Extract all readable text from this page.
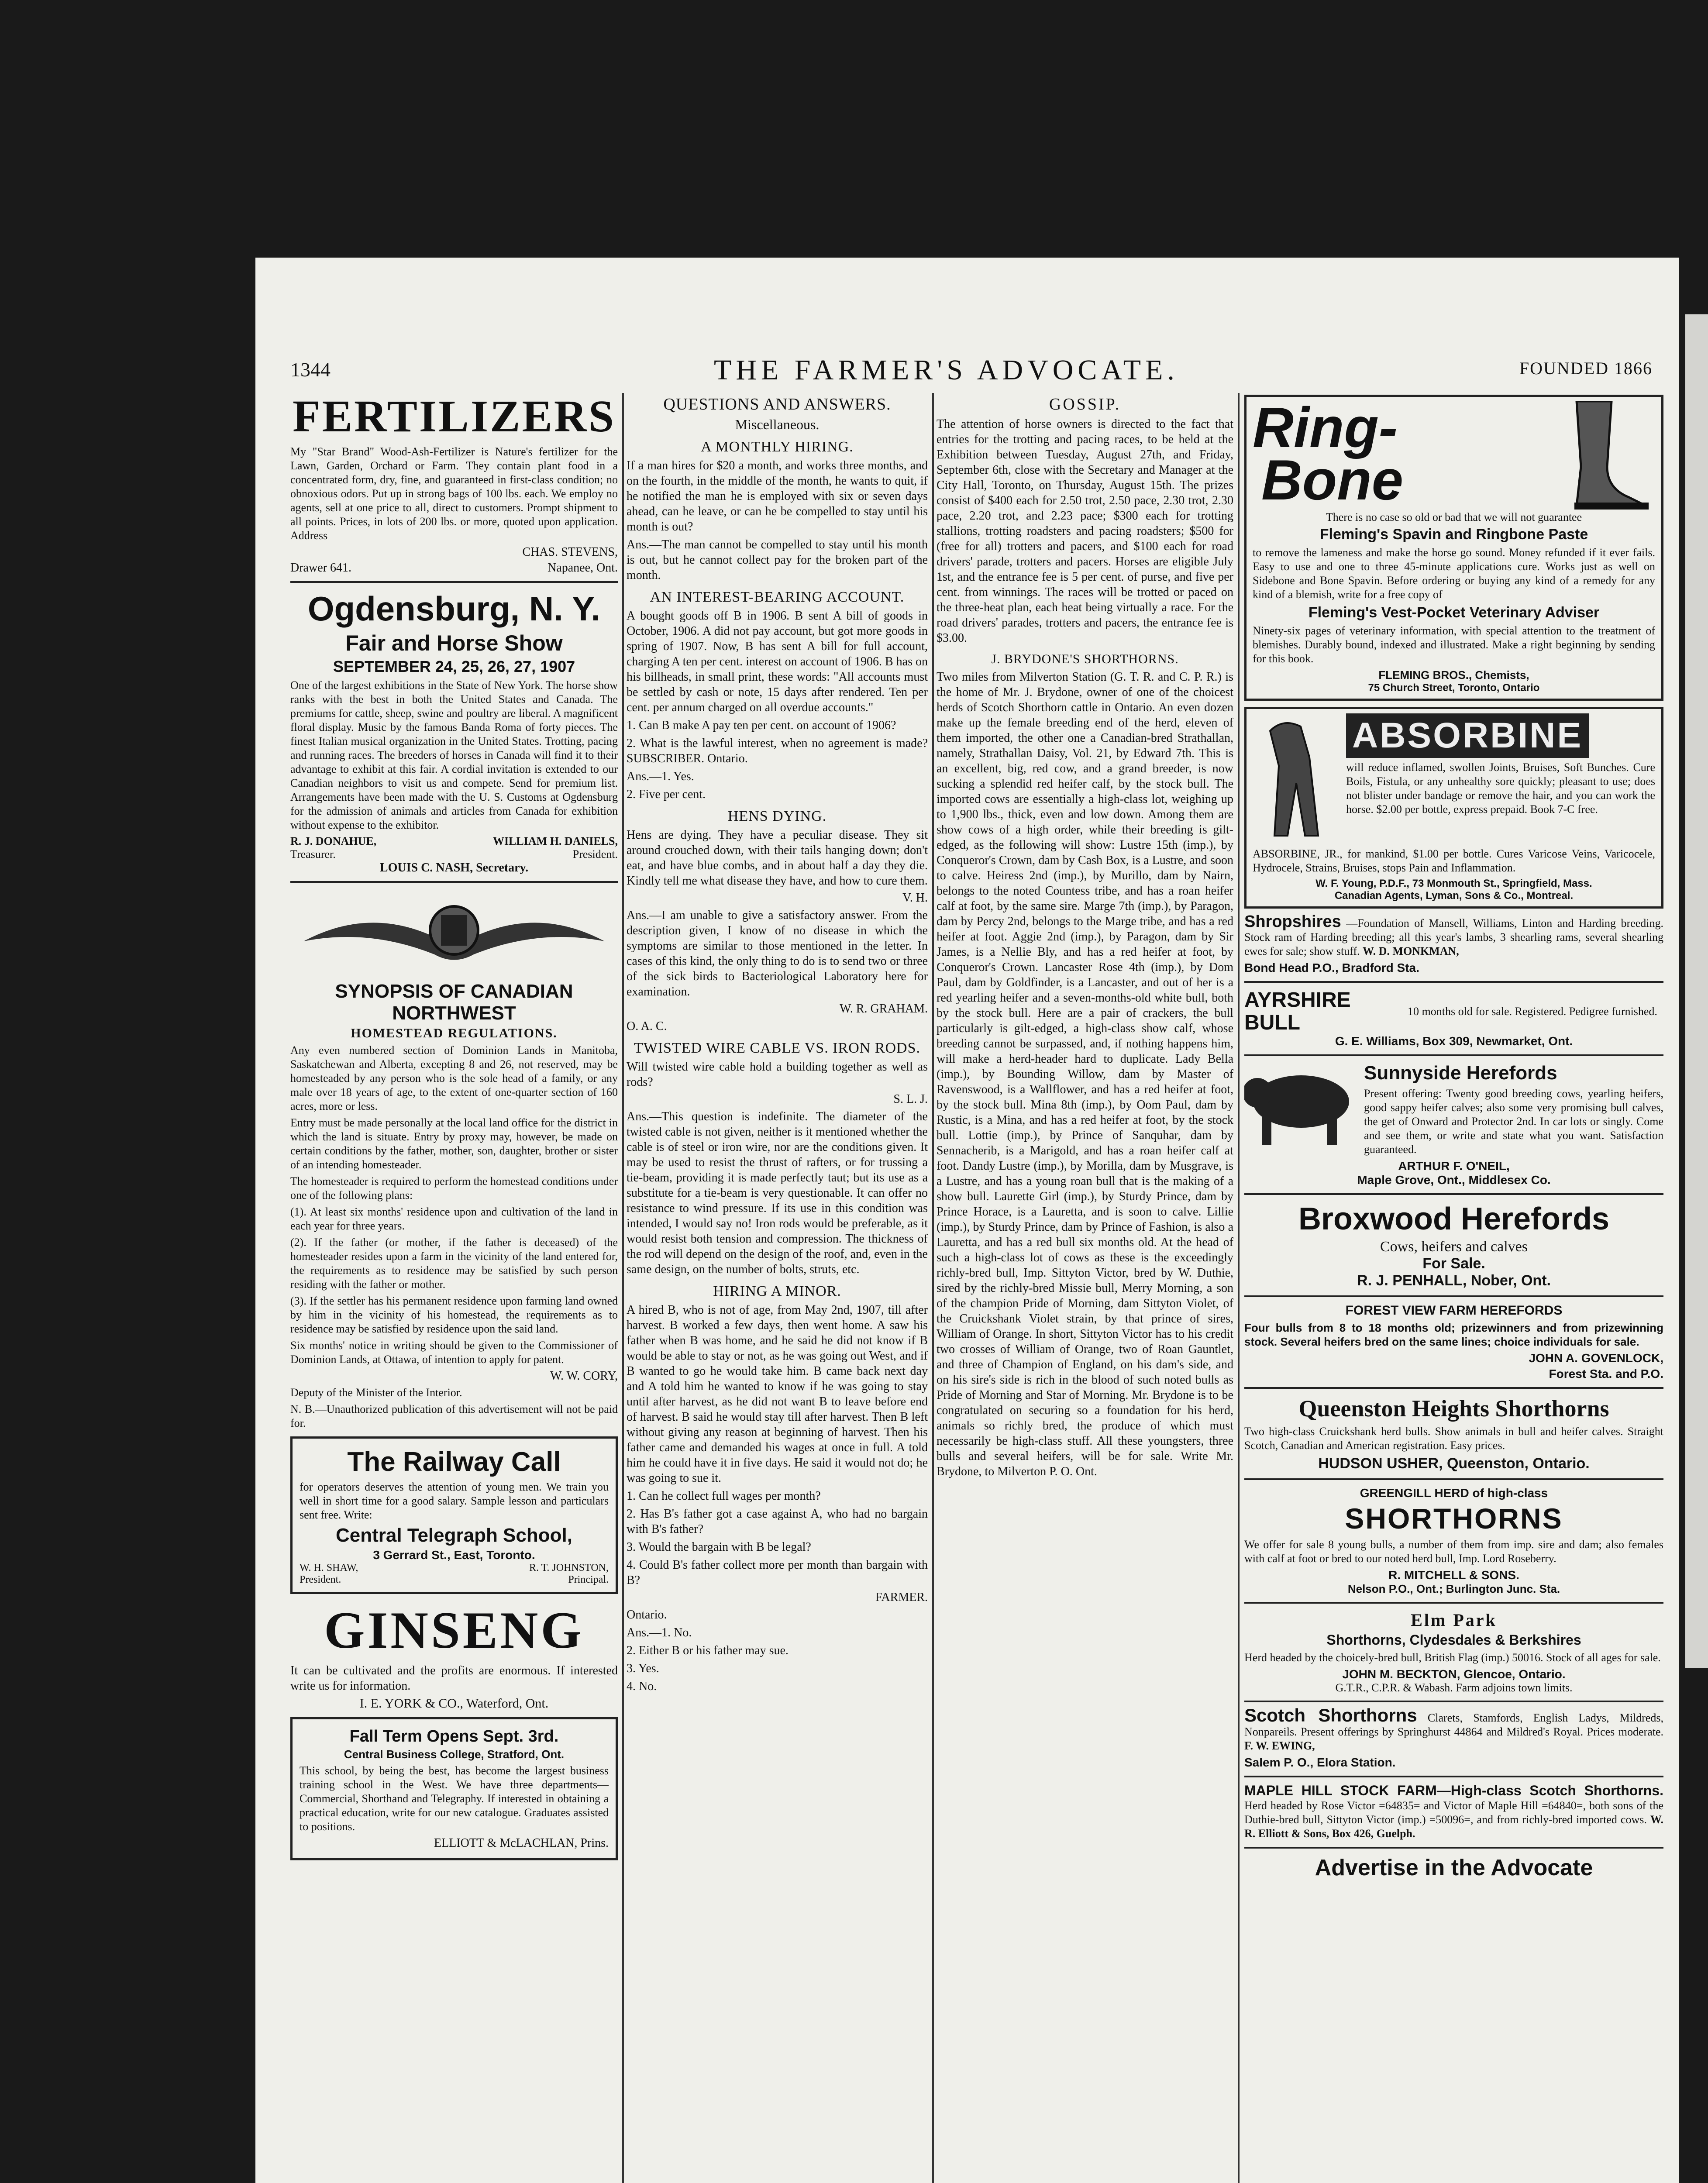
1344	THE FARMER'S ADVOCATE.	FOUNDED 1866
FERTILIZERS

My "Star Brand" Wood-Ash-Fertilizer is Nature's fertilizer for the Lawn, Garden, Orchard or Farm. They contain plant food in a concentrated form, dry, fine, and guaranteed in first-class condition; no obnoxious odors. Put up in strong bags of 100 lbs. each. We employ no agents, sell at one price to all, direct to customers. Prompt shipment to all points. Prices, in lots of 200 lbs. or more, quoted upon application. Address

CHAS. STEVENS,
Drawer 641.	Napanee, Ont.
Ogdensburg, N. Y.
Fair and Horse Show
SEPTEMBER 24, 25, 26, 27, 1907

One of the largest exhibitions in the State of New York. The horse show ranks with the best in both the United States and Canada. The premiums for cattle, sheep, swine and poultry are liberal. A magnificent floral display. Music by the famous Banda Roma of forty pieces. The finest Italian musical organization in the United States. Trotting, pacing and running races. The breeders of horses in Canada will find it to their advantage to exhibit at this fair. A cordial invitation is extended to our Canadian neighbors to visit us and compete. Send for premium list. Arrangements have been made with the U. S. Customs at Ogdensburg for the admission of animals and articles from Canada for exhibition without expense to the exhibitor.

R. J. DONAHUE,	WILLIAM H. DANIELS,
Treasurer.	President.
LOUIS C. NASH, Secretary.
SYNOPSIS OF CANADIAN NORTHWEST
HOMESTEAD REGULATIONS.

Any even numbered section of Dominion Lands in Manitoba, Saskatchewan and Alberta, excepting 8 and 26, not reserved, may be homesteaded by any person who is the sole head of a family, or any male over 18 years of age, to the extent of one-quarter section of 160 acres, more or less.

Entry must be made personally at the local land office for the district in which the land is situate. Entry by proxy may, however, be made on certain conditions by the father, mother, son, daughter, brother or sister of an intending homesteader.

The homesteader is required to perform the homestead conditions under one of the following plans:

(1). At least six months' residence upon and cultivation of the land in each year for three years.

(2). If the father (or mother, if the father is deceased) of the homesteader resides upon a farm in the vicinity of the land entered for, the requirements as to residence may be satisfied by such person residing with the father or mother.

(3). If the settler has his permanent residence upon farming land owned by him in the vicinity of his homestead, the requirements as to residence may be satisfied by residence upon the said land.

Six months' notice in writing should be given to the Commissioner of Dominion Lands, at Ottawa, of intention to apply for patent.

W. W. CORY,

Deputy of the Minister of the Interior.

N. B.—Unauthorized publication of this advertisement will not be paid for.

The Railway Call

for operators deserves the attention of young men. We train you well in short time for a good salary. Sample lesson and particulars sent free. Write:

Central Telegraph School,
3 Gerrard St., East, Toronto.
W. H. SHAW,	R. T. JOHNSTON,
President.	Principal.
GINSENG

It can be cultivated and the profits are enormous. If interested write us for information.

I. E. YORK & CO., Waterford, Ont.
Fall Term Opens Sept. 3rd.
Central Business College, Stratford, Ont.

This school, by being the best, has become the largest business training school in the West. We have three departments—Commercial, Shorthand and Telegraphy. If interested in obtaining a practical education, write for our new catalogue. Graduates assisted to positions.

ELLIOTT & McLACHLAN, Prins.
QUESTIONS AND ANSWERS.
Miscellaneous.
A MONTHLY HIRING.

If a man hires for $20 a month, and works three months, and on the fourth, in the middle of the month, he wants to quit, if he notified the man he is employed with six or seven days ahead, can he leave, or can he be compelled to stay until his month is out?

Ans.—The man cannot be compelled to stay until his month is out, but he cannot collect pay for the broken part of the month.

AN INTEREST-BEARING ACCOUNT.

A bought goods off B in 1906. B sent A bill of goods in October, 1906. A did not pay account, but got more goods in spring of 1907. Now, B has sent A bill for full account, charging A ten per cent. interest on account of 1906. B has on his billheads, in small print, these words: "All accounts must be settled by cash or note, 15 days after rendered. Ten per cent. per annum charged on all overdue accounts."

1. Can B make A pay ten per cent. on account of 1906?

2. What is the lawful interest, when no agreement is made? SUBSCRIBER. Ontario.

Ans.—1. Yes.

2. Five per cent.

HENS DYING.

Hens are dying. They have a peculiar disease. They sit around crouched down, with their tails hanging down; don't eat, and have blue combs, and in about half a day they die. Kindly tell me what disease they have, and how to cure them.

V. H.

Ans.—I am unable to give a satisfactory answer. From the description given, I know of no disease in which the symptoms are similar to those mentioned in the letter. In cases of this kind, the only thing to do is to send two or three of the sick birds to Bacteriological Laboratory here for examination.

W. R. GRAHAM.

O. A. C.

TWISTED WIRE CABLE VS. IRON RODS.

Will twisted wire cable hold a building together as well as rods?

S. L. J.

Ans.—This question is indefinite. The diameter of the twisted cable is not given, neither is it mentioned whether the cable is of steel or iron wire, nor are the conditions given. It may be used to resist the thrust of rafters, or for trussing a tie-beam, providing it is made perfectly taut; but its use as a substitute for a tie-beam is very questionable. It can offer no resistance to wind pressure. If its use in this condition was intended, I would say no! Iron rods would be preferable, as it would resist both tension and compression. The thickness of the rod will depend on the design of the roof, and, even in the same design, on the number of bolts, struts, etc.

HIRING A MINOR.

A hired B, who is not of age, from May 2nd, 1907, till after harvest. B worked a few days, then went home. A saw his father when B was home, and he said he did not know if B would be able to stay or not, as he was going out West, and if B wanted to go he would take him. B came back next day and A told him he wanted to know if he was going to stay until after harvest, as he did not want B to leave before end of harvest. B said he would stay till after harvest. Then B left without giving any reason at beginning of harvest. Then his father came and demanded his wages at once in full. A told him he could have it in five days. He said it would not do; he was going to sue it.

1. Can he collect full wages per month?

2. Has B's father got a case against A, who had no bargain with B's father?

3. Would the bargain with B be legal?

4. Could B's father collect more per month than bargain with B?

FARMER.

Ontario.

Ans.—1. No.

2. Either B or his father may sue.

3. Yes.

4. No.

GOSSIP.

The attention of horse owners is directed to the fact that entries for the trotting and pacing races, to be held at the Exhibition between Tuesday, August 27th, and Friday, September 6th, close with the Secretary and Manager at the City Hall, Toronto, on Thursday, August 15th. The prizes consist of $400 each for 2.50 trot, 2.50 pace, 2.30 trot, 2.30 pace, 2.20 trot, and 2.23 pace; $300 each for trotting stallions, trotting roadsters and pacing roadsters; $500 for (free for all) trotters and pacers, and $100 each for road drivers' parade, trotters and pacers. Horses are eligible July 1st, and the entrance fee is 5 per cent. of purse, and five per cent. from winnings. The races will be trotted or paced on the three-heat plan, each heat being virtually a race. For the road drivers' parades, trotters and pacers, the entrance fee is $3.00.

J. BRYDONE'S SHORTHORNS.

Two miles from Milverton Station (G. T. R. and C. P. R.) is the home of Mr. J. Brydone, owner of one of the choicest herds of Scotch Shorthorn cattle in Ontario. An even dozen make up the female breeding end of the herd, eleven of them imported, the other one a Canadian-bred Strathallan, namely, Strathallan Daisy, Vol. 21, by Edward 7th. This is an excellent, big, red cow, and a grand breeder, is now sucking a splendid red heifer calf, by the stock bull. The imported cows are essentially a high-class lot, weighing up to 1,900 lbs., thick, even and low down. Among them are show cows of a high order, while their breeding is gilt-edged, as the following will show: Lustre 15th (imp.), by Conqueror's Crown, dam by Cash Box, is a Lustre, and soon to calve. Heiress 2nd (imp.), by Murillo, dam by Nairn, belongs to the noted Countess tribe, and has a roan heifer calf at foot, by the same sire. Marge 7th (imp.), by Paragon, dam by Percy 2nd, belongs to the Marge tribe, and has a red heifer at foot. Aggie 2nd (imp.), by Paragon, dam by Sir James, is a Nellie Bly, and has a red heifer at foot, by Conqueror's Crown. Lancaster Rose 4th (imp.), by Dom Paul, dam by Goldfinder, is a Lancaster, and out of her is a red yearling heifer and a seven-months-old white bull, both by the stock bull. Here are a pair of crackers, the bull particularly is gilt-edged, a high-class show calf, whose breeding cannot be surpassed, and, if nothing happens him, will make a herd-header hard to duplicate. Lady Bella (imp.), by Bounding Willow, dam by Master of Ravenswood, is a Wallflower, and has a red heifer at foot, by the stock bull. Mina 8th (imp.), by Oom Paul, dam by Rustic, is a Mina, and has a red heifer at foot, by the stock bull. Lottie (imp.), by Prince of Sanquhar, dam by Sennacherib, is a Marigold, and has a roan heifer calf at foot. Dandy Lustre (imp.), by Morilla, dam by Musgrave, is a Lustre, and has a young roan bull that is the making of a show bull. Laurette Girl (imp.), by Sturdy Prince, dam by Prince Horace, is a Lauretta, and is soon to calve. Lillie (imp.), by Sturdy Prince, dam by Prince of Fashion, is also a Lauretta, and has a red bull six months old. At the head of such a high-class lot of cows as these is the exceedingly richly-bred bull, Imp. Sittyton Victor, bred by W. Duthie, sired by the richly-bred Missie bull, Merry Morning, a son of the champion Pride of Morning, dam Sittyton Violet, of the Cruickshank Violet strain, by that prince of sires, William of Orange. In short, Sittyton Victor has to his credit two crosses of William of Orange, two of Roan Gauntlet, and three of Champion of England, on his dam's side, and on his sire's side is rich in the blood of such noted bulls as Pride of Morning and Star of Morning. Mr. Brydone is to be congratulated on securing so a foundation for his herd, animals so richly bred, the produce of which must necessarily be high-class stuff. All these youngsters, three bulls and several heifers, will be for sale. Write Mr. Brydone, to Milverton P. O. Ont.

Ring-
Bone
There is no case so old or bad that we will not guarantee
Fleming's Spavin and Ringbone Paste

to remove the lameness and make the horse go sound. Money refunded if it ever fails. Easy to use and one to three 45-minute applications cure. Works just as well on Sidebone and Bone Spavin. Before ordering or buying any kind of a remedy for any kind of a blemish, write for a free copy of

Fleming's Vest-Pocket Veterinary Adviser

Ninety-six pages of veterinary information, with special attention to the treatment of blemishes. Durably bound, indexed and illustrated. Make a right beginning by sending for this book.

FLEMING BROS., Chemists,
75 Church Street, Toronto, Ontario
ABSORBINE

will reduce inflamed, swollen Joints, Bruises, Soft Bunches. Cure Boils, Fistula, or any unhealthy sore quickly; pleasant to use; does not blister under bandage or remove the hair, and you can work the horse. $2.00 per bottle, express prepaid. Book 7-C free.

ABSORBINE, JR., for mankind, $1.00 per bottle. Cures Varicose Veins, Varicocele, Hydrocele, Strains, Bruises, stops Pain and Inflammation.

W. F. Young, P.D.F., 73 Monmouth St., Springfield, Mass.
Canadian Agents, Lyman, Sons & Co., Montreal.

Shropshires —Foundation of Mansell, Williams, Linton and Harding breeding. Stock ram of Harding breeding; all this year's lambs, 3 shearling rams, several shearling ewes for sale; show stuff. W. D. MONKMAN,

Bond Head P.O., Bradford Sta.
AYRSHIRE BULL	10 months old for sale. Registered. Pedigree furnished.

G. E. Williams, Box 309, Newmarket, Ont.
Sunnyside Herefords

Present offering: Twenty good breeding cows, yearling heifers, good sappy heifer calves; also some very promising bull calves, the get of Onward and Protector 2nd. In car lots or singly. Come and see them, or write and state what you want. Satisfaction guaranteed.

ARTHUR F. O'NEIL,
Maple Grove, Ont., Middlesex Co.
Broxwood Herefords
Cows, heifers and calves
For Sale.
R. J. PENHALL, Nober, Ont.
FOREST VIEW FARM HEREFORDS

Four bulls from 8 to 18 months old; prizewinners and from prizewinning stock. Several heifers bred on the same lines; choice individuals for sale.

JOHN A. GOVENLOCK,
Forest Sta. and P.O.
Queenston Heights Shorthorns

Two high-class Cruickshank herd bulls. Show animals in bull and heifer calves. Straight Scotch, Canadian and American registration. Easy prices.

HUDSON USHER, Queenston, Ontario.
GREENGILL HERD of high-class
SHORTHORNS

We offer for sale 8 young bulls, a number of them from imp. sire and dam; also females with calf at foot or bred to our noted herd bull, Imp. Lord Roseberry.

R. MITCHELL & SONS.
Nelson P.O., Ont.; Burlington Junc. Sta.
Elm Park
Shorthorns, Clydesdales & Berkshires

Herd headed by the choicely-bred bull, British Flag (imp.) 50016. Stock of all ages for sale.

JOHN M. BECKTON, Glencoe, Ontario.
G.T.R., C.P.R. & Wabash. Farm adjoins town limits.

Scotch Shorthorns Clarets, Stamfords, English Ladys, Mildreds, Nonpareils. Present offerings by Springhurst 44864 and Mildred's Royal. Prices moderate. F. W. EWING,

Salem P. O., Elora Station.

MAPLE HILL STOCK FARM—High-class Scotch Shorthorns. Herd headed by Rose Victor =64835= and Victor of Maple Hill =64840=, both sons of the Duthie-bred bull, Sittyton Victor (imp.) =50096=, and from richly-bred imported cows. W. R. Elliott & Sons, Box 426, Guelph.

Advertise in the Advocate
